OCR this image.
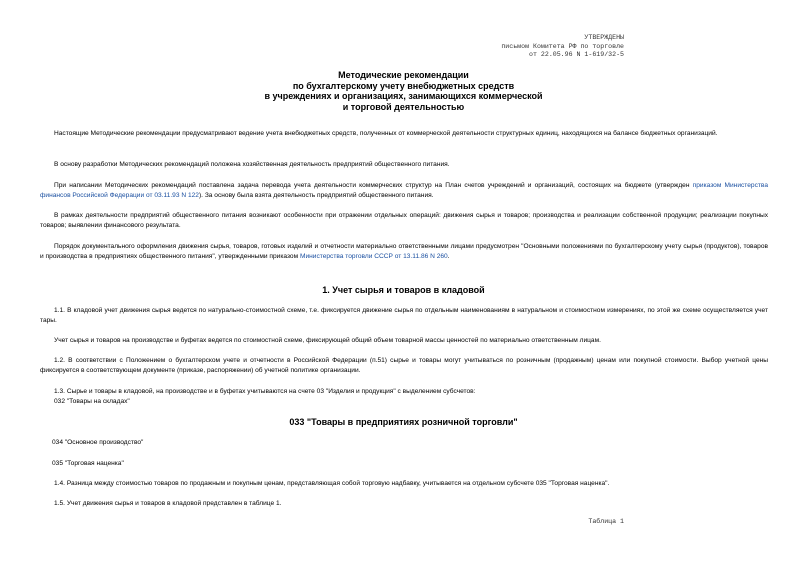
УТВЕРЖДЕНЫ
письмом Комитета РФ по торговле
от 22.05.96 N 1-619/32-5
Методические рекомендации
по бухгалтерскому учету внебюджетных средств
в учреждениях и организациях, занимающихся коммерческой
и торговой деятельностью

Настоящие Методические рекомендации предусматривают ведение учета внебюджетных средств, полученных от коммерческой деятельности структурных единиц, находящихся на балансе бюджетных организаций.

В основу разработки Методических рекомендаций положена хозяйственная деятельность предприятий общественного питания.

При написании Методических рекомендаций поставлена задача перевода учета деятельности коммерческих структур на План счетов учреждений и организаций, состоящих на бюджете (утвержден приказом Министерства финансов Российской Федерации от 03.11.93 N 122). За основу была взята деятельность предприятий общественного питания.

В рамках деятельности предприятий общественного питания возникают особенности при отражении отдельных операций: движения сырья и товаров; производства и реализации собственной продукции; реализации покупных товаров; выявлении финансового результата.

Порядок документального оформления движения сырья, товаров, готовых изделий и отчетности материально ответственными лицами предусмотрен "Основными положениями по бухгалтерскому учету сырья (продуктов), товаров и производства в предприятиях общественного питания", утвержденными приказом Министерства торговли СССР от 13.11.86 N 260.

1. Учет сырья и товаров в кладовой

1.1. В кладовой учет движения сырья ведется по натурально-стоимостной схеме, т.е. фиксируется движение сырья по отдельным наименованиям в натуральном и стоимостном измерениях, по этой же схеме осуществляется учет тары.

Учет сырья и товаров на производстве и буфетах ведется по стоимостной схеме, фиксирующей общий объем товарной массы ценностей по материально ответственным лицам.

1.2. В соответствии с Положением о бухгалтерском учете и отчетности в Российской Федерации (п.51) сырье и товары могут учитываться по розничным (продажным) ценам или покупной стоимости. Выбор учетной цены фиксируется в соответствующем документе (приказе, распоряжении) об учетной политике организации.

1.3. Сырье и товары в кладовой, на производстве и в буфетах учитываются на счете 03 "Изделия и продукция" с выделением субсчетов:

032 "Товары на складах"

033 "Товары в предприятиях розничной торговли"
034 "Основное производство"
035 "Торговая наценка"

1.4. Разница между стоимостью товаров по продажным и покупным ценам, представляющая собой торговую надбавку, учитывается на отдельном субсчете 035 "Торговая наценка".

1.5. Учет движения сырья и товаров в кладовой представлен в таблице 1.

Таблица 1
